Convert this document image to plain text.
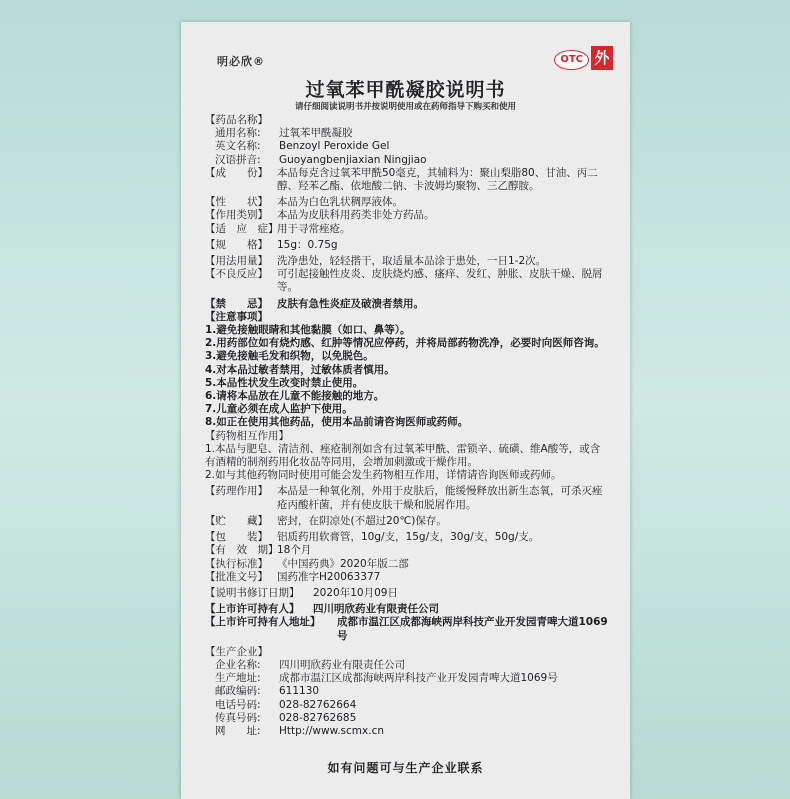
明必欣®	OTC 外
过氧苯甲酰凝胶说明书
请仔细阅读说明书并按说明使用或在药师指导下购买和使用
【药品名称】
通用名称:	过氧苯甲酰凝胶
英文名称:	Benzoyl Peroxide Gel
汉语拼音:	Guoyangbenjiaxian Ningjiao
【成　　份】 本品每克含过氧苯甲酰50毫克，其辅料为：聚山梨脂80、甘油、丙二醇、羟苯乙酯、依地酸二钠、卡波姆均聚物、三乙醇胺。
【性　　状】 本品为白色乳状稠厚液体。
【作用类别】 本品为皮肤科用药类非处方药品。
【适　应　症】
用于寻常痤疮。
【规　　格】 15g：0.75g
【用法用量】 洗净患处，轻轻揩干，取适量本品涂于患处，一日1-2次。
【不良反应】 可引起接触性皮炎、皮肤烧灼感、瘙痒、发红、肿胀、皮肤干燥、脱屑等。
【禁　　忌】 皮肤有急性炎症及破溃者禁用。
【注意事项】
1.避免接触眼睛和其他黏膜（如口、鼻等）。
2.用药部位如有烧灼感、红肿等情况应停药，并将局部药物洗净，必要时向医师咨询。
3.避免接触毛发和织物，以免脱色。
4.对本品过敏者禁用，过敏体质者慎用。
5.本品性状发生改变时禁止使用。
6.请将本品放在儿童不能接触的地方。
7.儿童必须在成人监护下使用。
8.如正在使用其他药品，使用本品前请咨询医师或药师。
【药物相互作用】
1.本品与肥皂、清洁剂、痤疮制剂如含有过氧苯甲酰、雷锁辛、硫磺、维A酸等，或含有酒精的制剂药用化妆品等同用，会增加刺激或干燥作用。
2.如与其他药物同时使用可能会发生药物相互作用，详情请咨询医师或药师。
【药理作用】 本品是一种氧化剂，外用于皮肤后，能缓慢释放出新生态氧，可杀灭痤疮丙酸杆菌，并有使皮肤干燥和脱屑作用。
【贮　　藏】 密封，在阴凉处(不超过20℃)保存。
【包　　装】 铝质药用软膏管，10g/支，15g/支，30g/支，50g/支。
【有　效　期】
18个月
【执行标准】 《中国药典》2020年版二部
【批准文号】 国药准字H20063377
【说明书修订日期】	2020年10月09日
【上市许可持有人】	四川明欣药业有限责任公司
【上市许可持有人地址】	成都市温江区成都海峡两岸科技产业开发园青啤大道1069号
【生产企业】
企业名称:	四川明欣药业有限责任公司
生产地址:	成都市温江区成都海峡两岸科技产业开发园青啤大道1069号
邮政编码:	611130
电话号码:	028-82762664
传真号码:	028-82762685
网　　址:	Http://www.scmx.cn
如有问题可与生产企业联系
